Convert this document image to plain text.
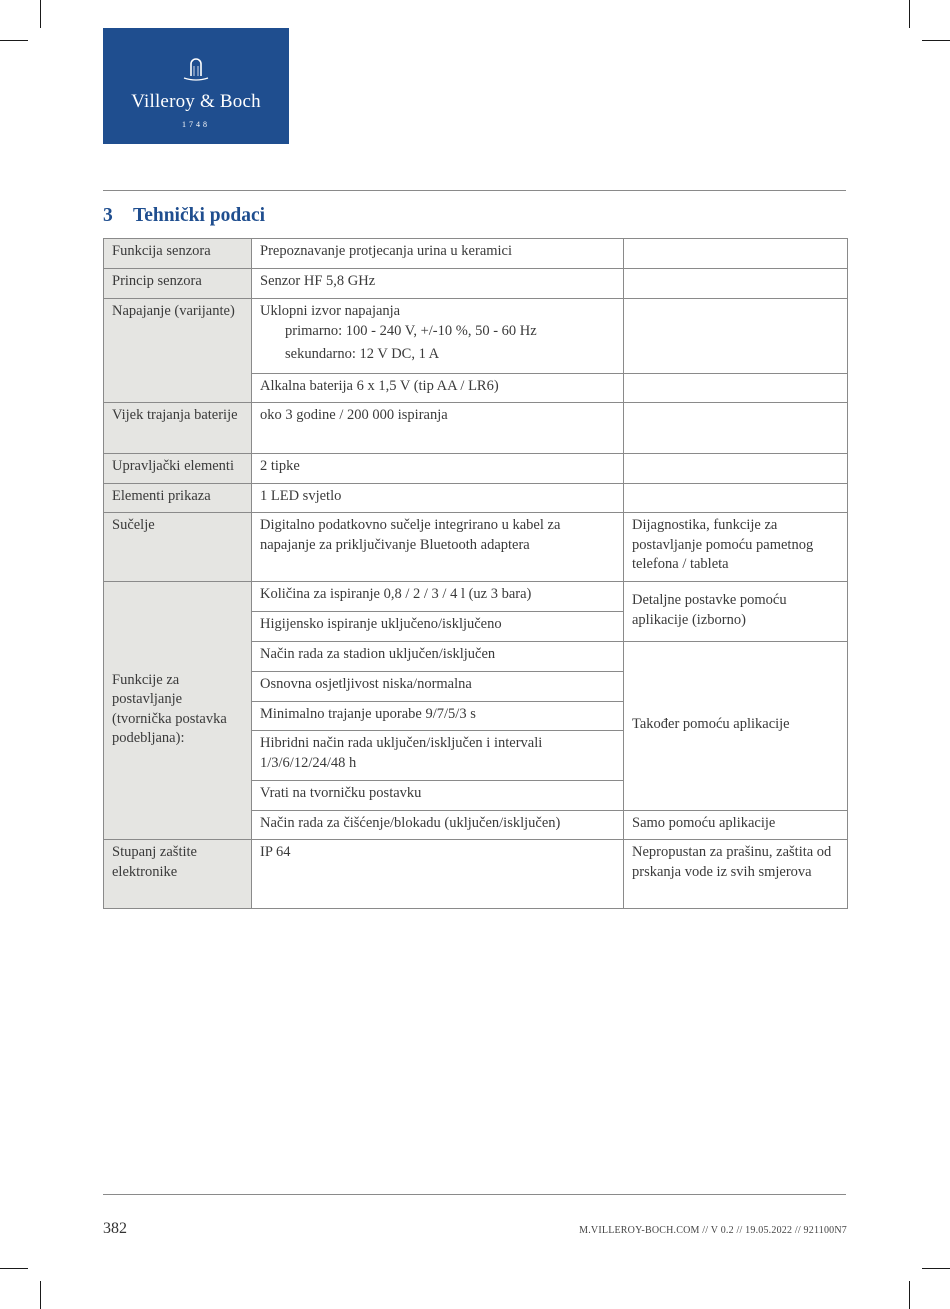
Villeroy & Boch
1748
3 Tehnički podaci
Funkcija senzora	Prepoznavanje protjecanja urina u keramici	
Princip senzora	Senzor HF 5,8 GHz	
Napajanje (varijante)	Uklopni izvor napajanja
primarno: 100 - 240 V, +/-10 %, 50 - 60 Hz
sekundarno: 12 V DC, 1 A	

	Alkalna baterija 6 x 1,5 V (tip AA / LR6)	
Vijek trajanja baterije	oko 3 godine / 200 000 ispiranja	
Upravljački elementi	2 tipke	
Elementi prikaza	1 LED svjetlo	
Sučelje	Digitalno podatkovno sučelje integrirano u kabel za napajanje za priključivanje Bluetooth adaptera	Dijagnostika, funkcije za postavljanje pomoću pametnog telefona / tableta
Funkcije za postavljanje (tvornička postavka podebljana):	Količina za ispiranje 0,8 / 2 / 3 / 4 l (uz 3 bara)	Detaljne postavke pomoću aplikacije (izborno)
	Higijensko ispiranje uključeno/isključeno	
	Način rada za stadion uključen/isključen	Također pomoću aplikacije
	Osnovna osjetljivost niska/normalna	
	Minimalno trajanje uporabe 9/7/5/3 s	
	Hibridni način rada uključen/isključen i intervali 1/3/6/12/24/48 h	
	Vrati na tvorničku postavku	
	Način rada za čišćenje/blokadu (uključen/isključen)	Samo pomoću aplikacije
Stupanj zaštite elektronike	IP 64	Nepropustan za prašinu, zaštita od prskanja vode iz svih smjerova
382	M.VILLEROY-BOCH.COM // V 0.2 // 19.05.2022 // 921100N7
